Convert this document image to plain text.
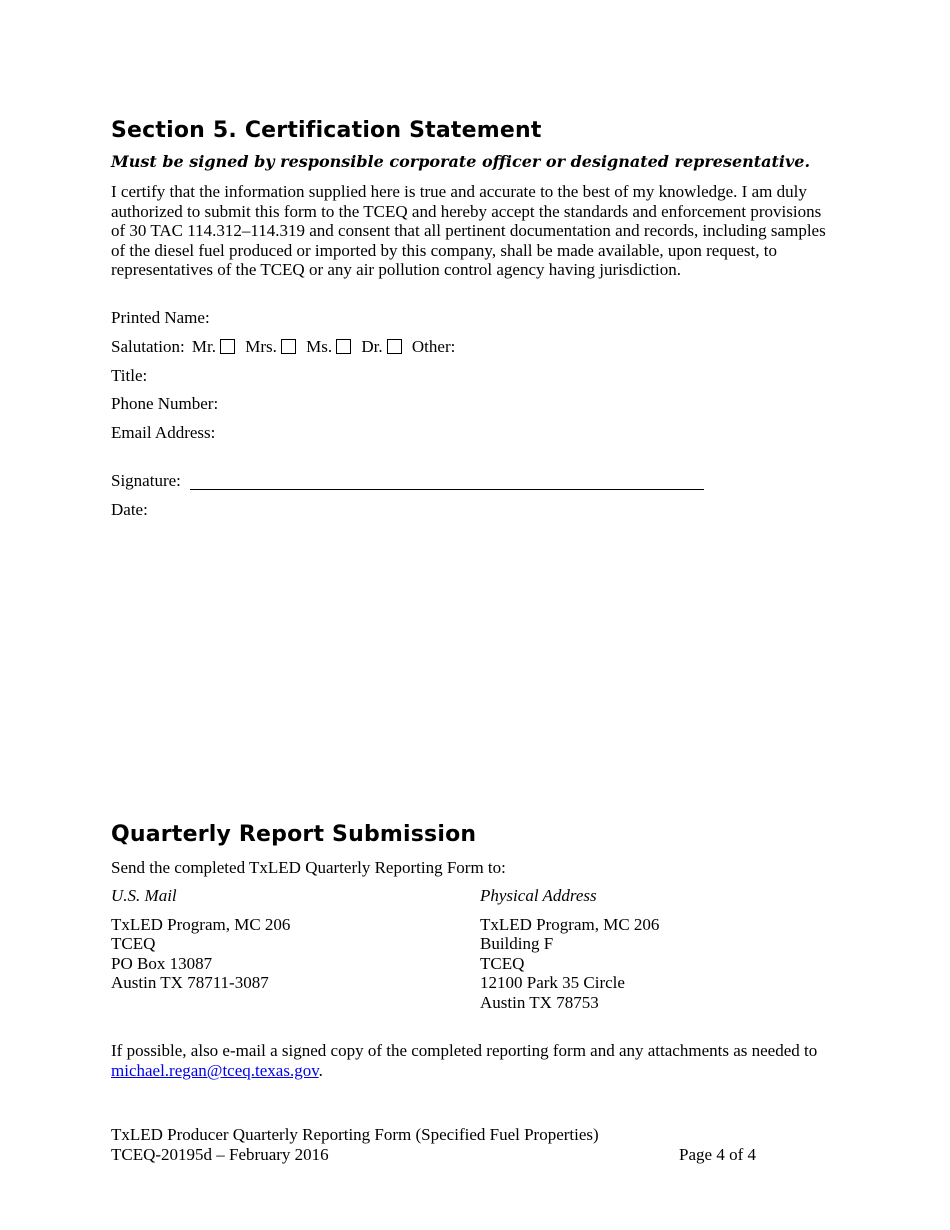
Section 5. Certification Statement
Must be signed by responsible corporate officer or designated representative.
I certify that the information supplied here is true and accurate to the best of my knowledge. I am duly authorized to submit this form to the TCEQ and hereby accept the standards and enforcement provisions of 30 TAC 114.312–114.319 and consent that all pertinent documentation and records, including samples of the diesel fuel produced or imported by this company, shall be made available, upon request, to representatives of the TCEQ or any air pollution control agency having jurisdiction.
Printed Name:
Salutation: Mr. Mrs. Ms. Dr. Other:
Title:
Phone Number:
Email Address:
Signature:
Date:
Quarterly Report Submission
Send the completed TxLED Quarterly Reporting Form to:
U.S. Mail
TxLED Program, MC 206
TCEQ
PO Box 13087
Austin TX 78711-3087
Physical Address
TxLED Program, MC 206
Building F
TCEQ
12100 Park 35 Circle
Austin TX 78753
If possible, also e-mail a signed copy of the completed reporting form and any attachments as needed to michael.regan@tceq.texas.gov.
TxLED Producer Quarterly Reporting Form (Specified Fuel Properties)
TCEQ-20195d – February 2016	Page 4 of 4
